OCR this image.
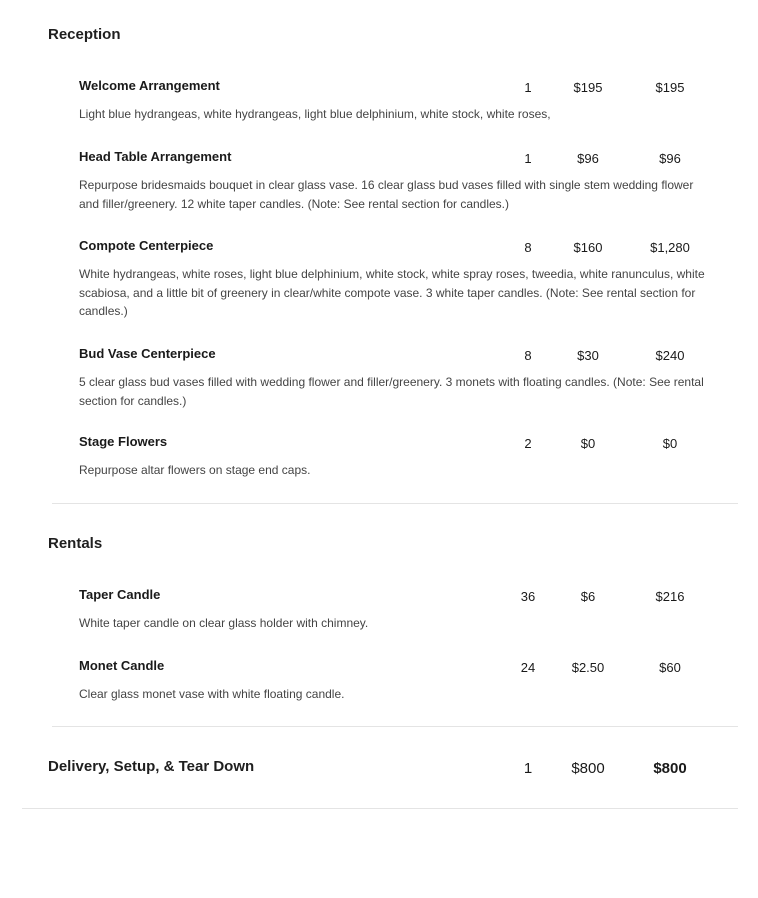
Reception
Welcome Arrangement	1	$195	$195
Light blue hydrangeas, white hydrangeas, light blue delphinium, white stock, white roses,
Head Table Arrangement	1	$96	$96
Repurpose bridesmaids bouquet in clear glass vase. 16 clear glass bud vases filled with single stem wedding flower and filler/greenery. 12 white taper candles. (Note: See rental section for candles.)
Compote Centerpiece	8	$160	$1,280
White hydrangeas, white roses, light blue delphinium, white stock, white spray roses, tweedia, white ranunculus, white scabiosa, and a little bit of greenery in clear/white compote vase. 3 white taper candles. (Note: See rental section for candles.)
Bud Vase Centerpiece	8	$30	$240
5 clear glass bud vases filled with wedding flower and filler/greenery. 3 monets with floating candles. (Note: See rental section for candles.)
Stage Flowers	2	$0	$0
Repurpose altar flowers on stage end caps.
Rentals
Taper Candle	36	$6	$216
White taper candle on clear glass holder with chimney.
Monet Candle	24	$2.50	$60
Clear glass monet vase with white floating candle.
Delivery, Setup, & Tear Down	1	$800	$800
